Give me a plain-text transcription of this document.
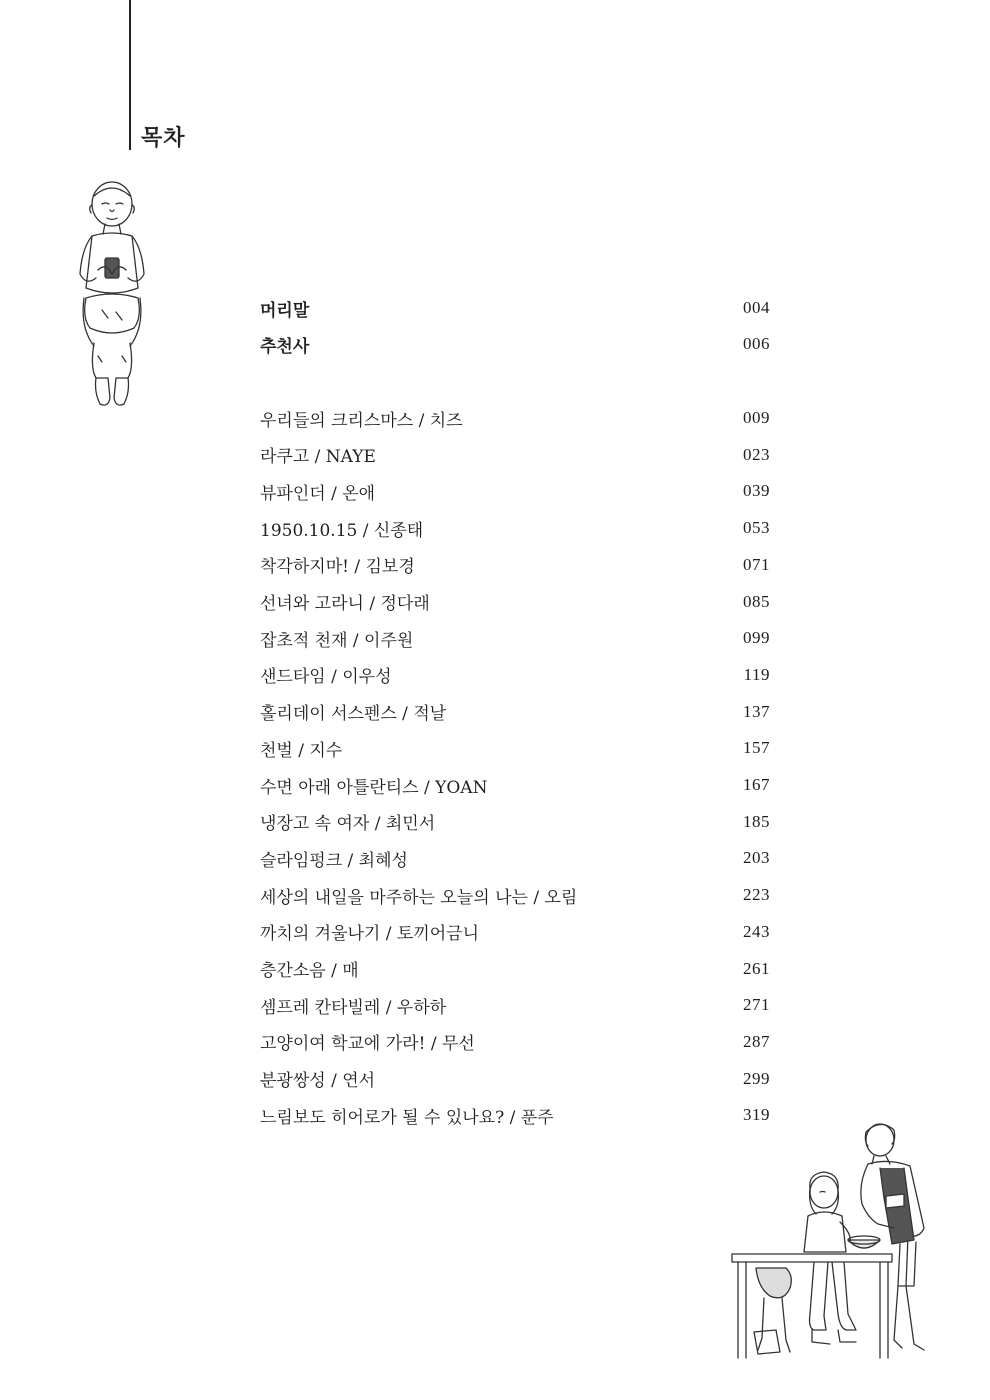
목차
머리말	004
추천사	006
우리들의 크리스마스 / 치즈	009
라쿠고 / NAYE	023
뷰파인더 / 온애	039
1950.10.15 / 신종태	053
착각하지마! / 김보경	071
선녀와 고라니 / 정다래	085
잡초적 천재 / 이주원	099
샌드타임 / 이우성	119
홀리데이 서스펜스 / 적날	137
천벌 / 지수	157
수면 아래 아틀란티스 / YOAN	167
냉장고 속 여자 / 최민서	185
슬라임펑크 / 최혜성	203
세상의 내일을 마주하는 오늘의 나는 / 오림	223
까치의 겨울나기 / 토끼어금니	243
층간소음 / 매	261
셈프레 칸타빌레 / 우하하	271
고양이여 학교에 가라! / 무선	287
분광쌍성 / 연서	299
느림보도 히어로가 될 수 있나요? / 푼주	319
